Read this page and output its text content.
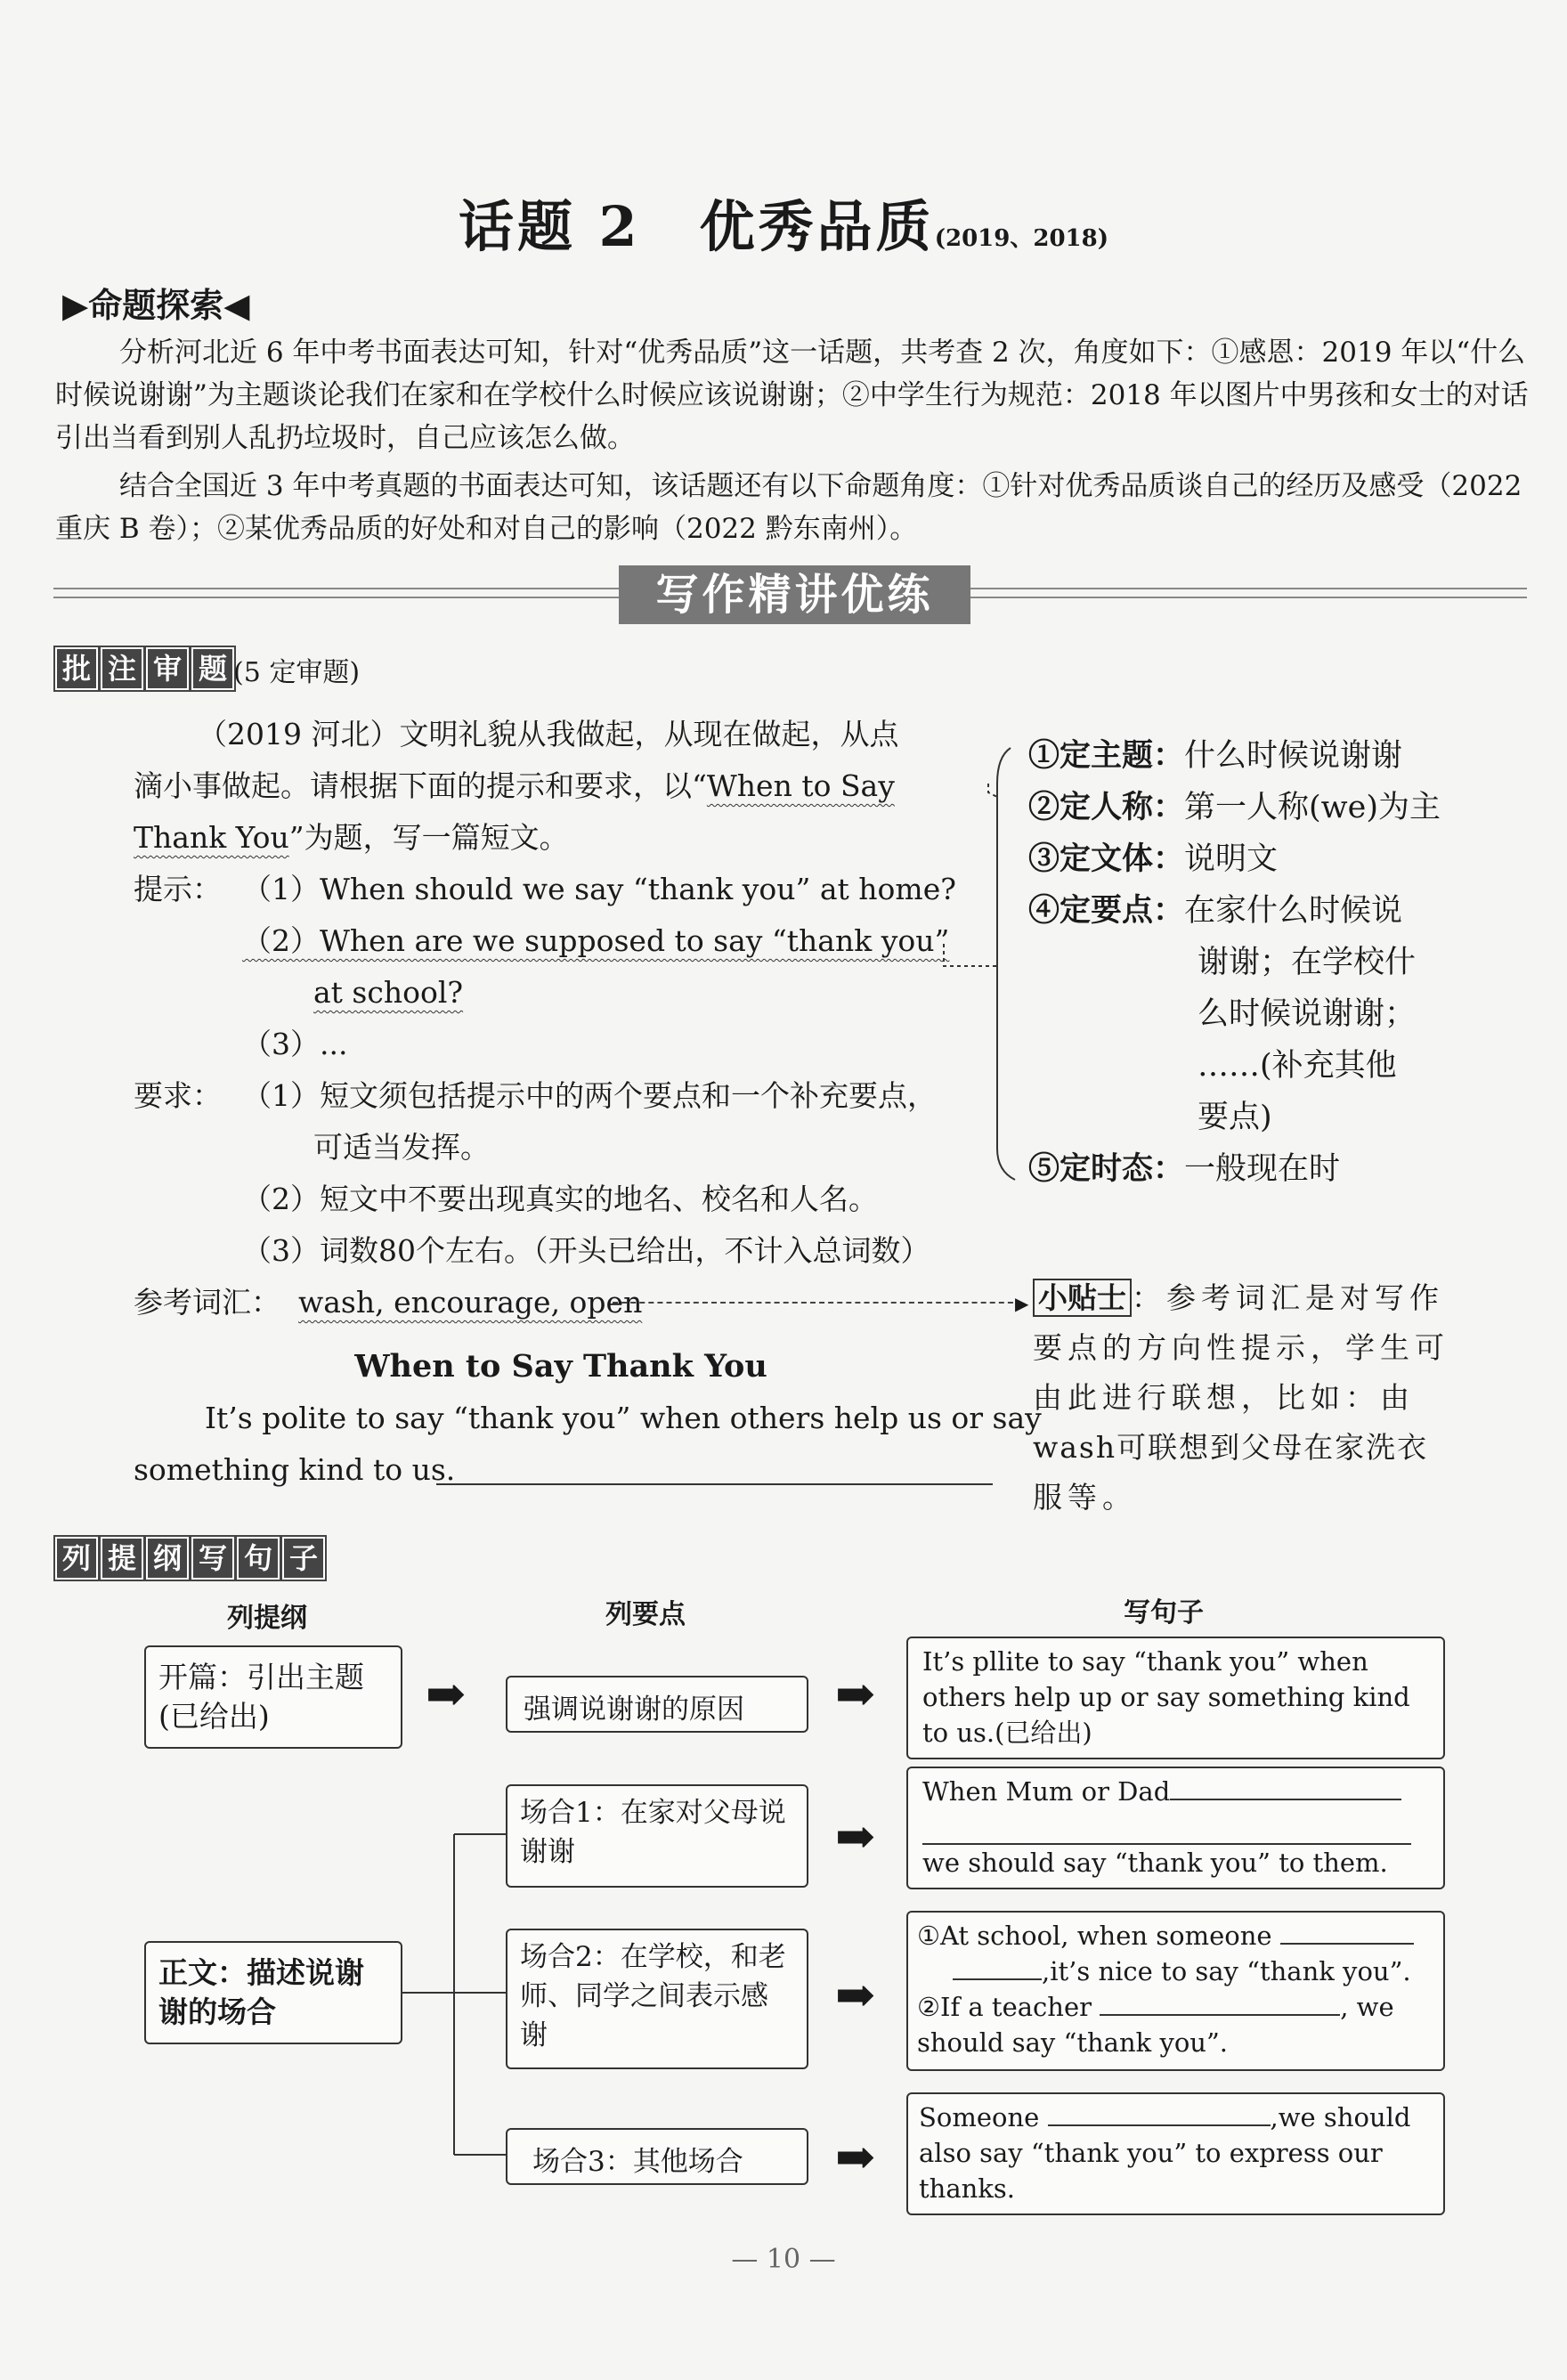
话题 2　优秀品质(2019、2018)
▶命题探索◀
分析河北近 6 年中考书面表达可知，针对“优秀品质”这一话题，共考查 2 次，角度如下：①感恩：2019 年以“什么时候说谢谢”为主题谈论我们在家和在学校什么时候应该说谢谢；②中学生行为规范：2018 年以图片中男孩和女士的对话引出当看到别人乱扔垃圾时，自己应该怎么做。
结合全国近 3 年中考真题的书面表达可知，该话题还有以下命题角度：①针对优秀品质谈自己的经历及感受（2022 重庆 B 卷）；②某优秀品质的好处和对自己的影响（2022 黔东南州）。
写作精讲优练
批 注 审 题 (5 定审题)
（2019 河北）文明礼貌从我做起，从现在做起，从点
滴小事做起。请根据下面的提示和要求，以“When to Say
Thank You”为题，写一篇短文。
提示： （1）When should we say “thank you” at home?
（2）When are we supposed to say “thank you”
at school?
（3）...
要求： （1）短文须包括提示中的两个要点和一个补充要点，
可适当发挥。
（2）短文中不要出现真实的地名、校名和人名。
（3）词数80个左右。（开头已给出，不计入总词数）
参考词汇： wash, encourage, open	▶
When to Say Thank You
It’s polite to say “thank you” when others help us or say
something kind to us.
①定主题：什么时候说谢谢
②定人称：第一人称(we)为主
③定文体：说明文
④定要点：在家什么时候说
谢谢；在学校什
么时候说谢谢；
……(补充其他
要点)
⑤定时态：一般现在时
小贴士 ：参考词汇是对写作
要点的方向性提示，学生可
由此进行联想，比如：由
wash可联想到父母在家洗衣
服等。
列 提 纲 写 句 子
列提纲	列要点	写句子
开篇：引出主题(已给出)
正文：描述说谢谢的场合
强调说谢谢的原因
场合1：在家对父母说谢谢
场合2：在学校，和老师、同学之间表示感谢
场合3：其他场合
➡	➡
➡
➡
➡
It’s pllite to say “thank you” when others help up or say something kind to us.(已给出)
When Mum or Dad
we should say “thank you” to them.
①At school, when someone
,it’s nice to say “thank you”.
②If a teacher	, we
should say “thank you”.
Someone	,we should
also say “thank you” to express our
thanks.
— 10 —
